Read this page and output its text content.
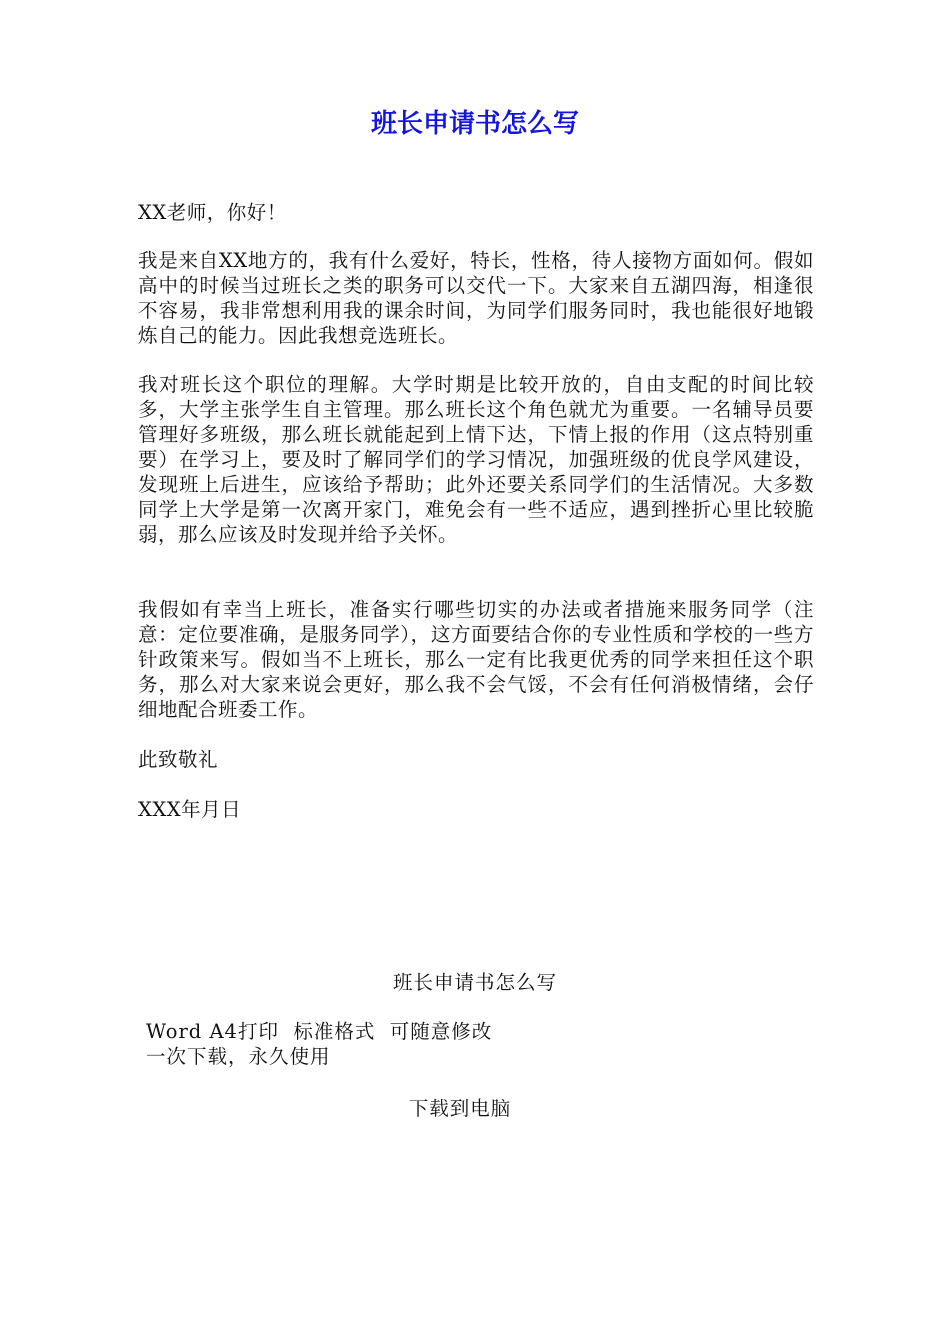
班长申请书怎么写

XX老师，你好！

我是来自XX地方的，我有什么爱好，特长，性格，待人接物方面如何。假如高中的时候当过班长之类的职务可以交代一下。大家来自五湖四海，相逢很不容易，我非常想利用我的课余时间，为同学们服务同时，我也能很好地锻炼自己的能力。因此我想竞选班长。

我对班长这个职位的理解。大学时期是比较开放的，自由支配的时间比较多，大学主张学生自主管理。那么班长这个角色就尤为重要。一名辅导员要管理好多班级，那么班长就能起到上情下达，下情上报的作用（这点特别重要）在学习上，要及时了解同学们的学习情况，加强班级的优良学风建设，发现班上后进生，应该给予帮助；此外还要关系同学们的生活情况。大多数同学上大学是第一次离开家门，难免会有一些不适应，遇到挫折心里比较脆弱，那么应该及时发现并给予关怀。

我假如有幸当上班长，准备实行哪些切实的办法或者措施来服务同学（注意：定位要准确，是服务同学），这方面要结合你的专业性质和学校的一些方针政策来写。假如当不上班长，那么一定有比我更优秀的同学来担任这个职务，那么对大家来说会更好，那么我不会气馁，不会有任何消极情绪，会仔细地配合班委工作。

此致敬礼

XXX年月日

班长申请书怎么写

Word A4打印  标准格式  可随意修改

一次下载，永久使用

下载到电脑
